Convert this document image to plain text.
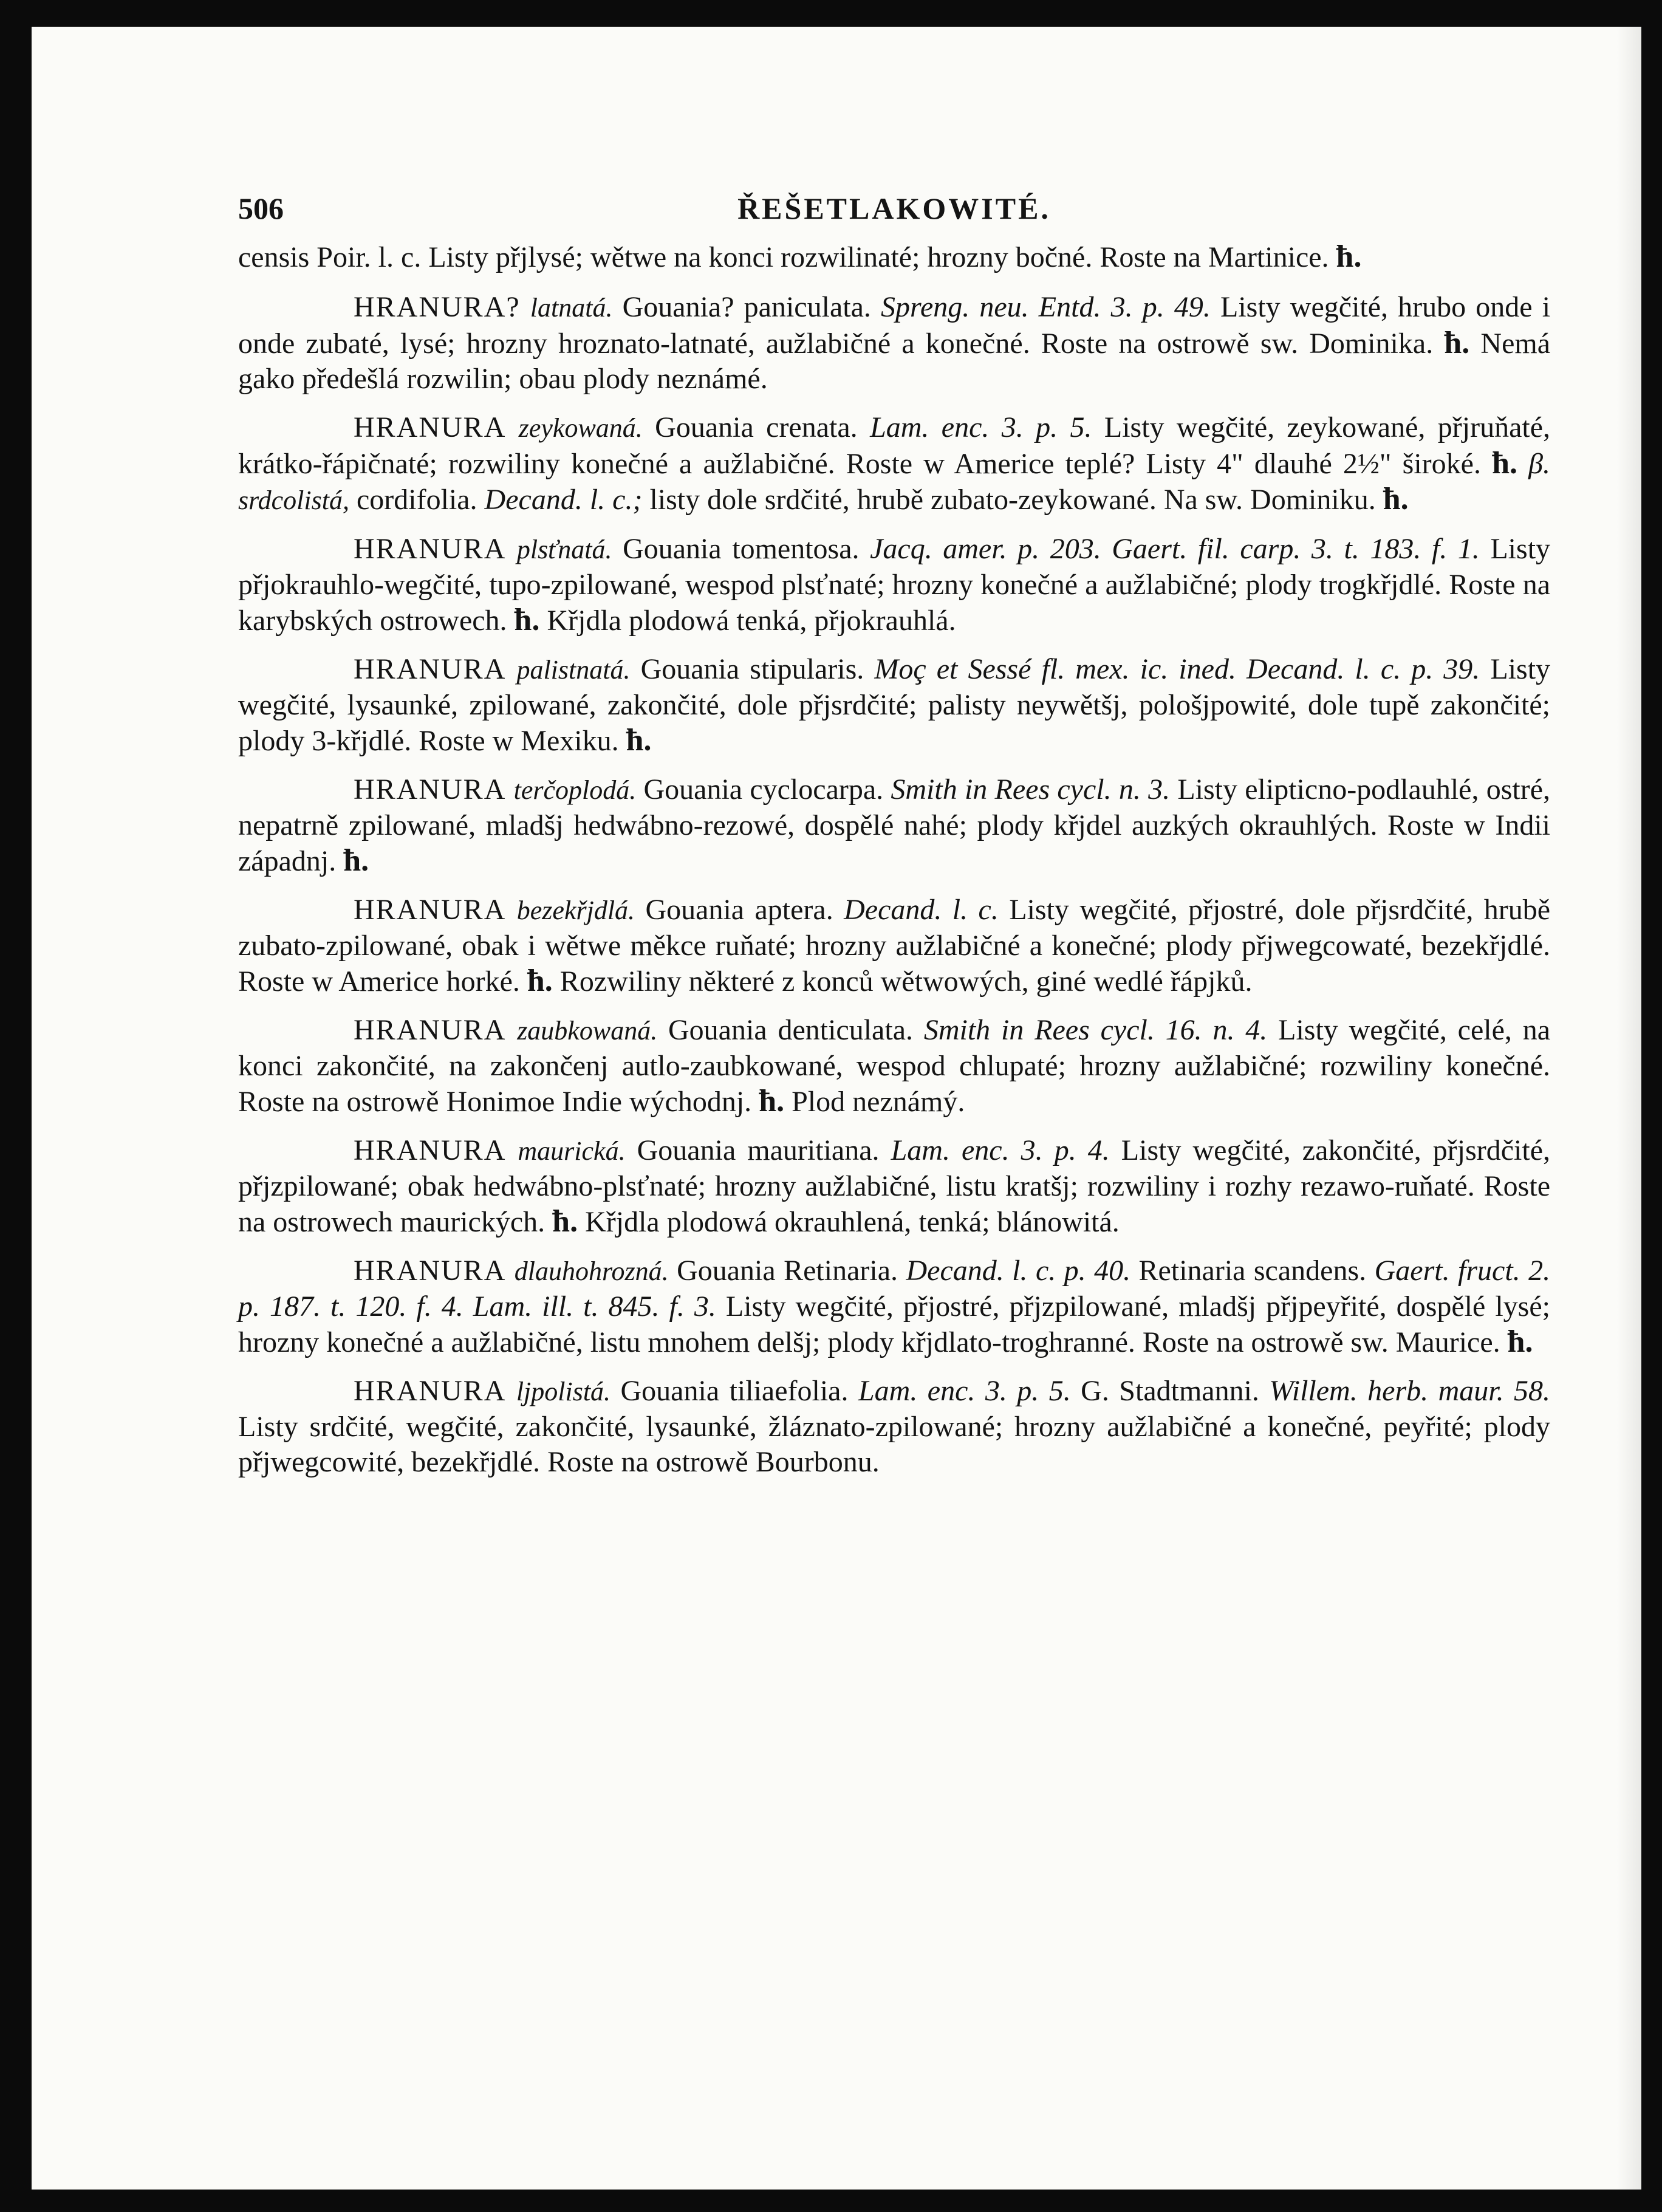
506	ŘEŠETLAKOWITÉ.

censis Poir. l. c. Listy přjlysé; wětwe na konci rozwilinaté; hrozny bočné. Roste na Martinice. ħ.

HRANURA? latnatá. Gouania? paniculata. Spreng. neu. Entd. 3. p. 49. Listy wegčité, hrubo onde i onde zubaté, lysé; hrozny hroznato-latnaté, aužlabičné a konečné. Roste na ostrowě sw. Dominika. ħ. Nemá gako předešlá rozwilin; obau plody neznámé.

HRANURA zeykowaná. Gouania crenata. Lam. enc. 3. p. 5. Listy wegčité, zeykowané, přjruňaté, krátko-řápičnaté; rozwiliny konečné a aužlabičné. Roste w Americe teplé? Listy 4" dlauhé 2½" široké. ħ. β. srdcolistá, cordifolia. Decand. l. c.; listy dole srdčité, hrubě zubato-zeykowané. Na sw. Dominiku. ħ.

HRANURA plsťnatá. Gouania tomentosa. Jacq. amer. p. 203. Gaert. fil. carp. 3. t. 183. f. 1. Listy přjokrauhlo-wegčité, tupo-zpilowané, wespod plsťnaté; hrozny konečné a aužlabičné; plody trogkřjdlé. Roste na karybských ostrowech. ħ. Křjdla plodowá tenká, přjokrauhlá.

HRANURA palistnatá. Gouania stipularis. Moç et Sessé fl. mex. ic. ined. Decand. l. c. p. 39. Listy wegčité, lysaunké, zpilowané, zakončité, dole přjsrdčité; palisty neywětšj, pološjpowité, dole tupě zakončité; plody 3-křjdlé. Roste w Mexiku. ħ.

HRANURA terčoplodá. Gouania cyclocarpa. Smith in Rees cycl. n. 3. Listy elipticno-podlauhlé, ostré, nepatrně zpilowané, mladšj hedwábno-rezowé, dospělé nahé; plody křjdel auzkých okrauhlých. Roste w Indii západnj. ħ.

HRANURA bezekřjdlá. Gouania aptera. Decand. l. c. Listy wegčité, přjostré, dole přjsrdčité, hrubě zubato-zpilowané, obak i wětwe měkce ruňaté; hrozny aužlabičné a konečné; plody přjwegcowaté, bezekřjdlé. Roste w Americe horké. ħ. Rozwiliny některé z konců wětwowých, giné wedlé řápjků.

HRANURA zaubkowaná. Gouania denticulata. Smith in Rees cycl. 16. n. 4. Listy wegčité, celé, na konci zakončité, na zakončenj autlo-zaubkowané, wespod chlupaté; hrozny aužlabičné; rozwiliny konečné. Roste na ostrowě Honimoe Indie wýchodnj. ħ. Plod neznámý.

HRANURA maurická. Gouania mauritiana. Lam. enc. 3. p. 4. Listy wegčité, zakončité, přjsrdčité, přjzpilowané; obak hedwábno-plsťnaté; hrozny aužlabičné, listu kratšj; rozwiliny i rozhy rezawo-ruňaté. Roste na ostrowech maurických. ħ. Křjdla plodowá okrauhlená, tenká; blánowitá.

HRANURA dlauhohrozná. Gouania Retinaria. Decand. l. c. p. 40. Retinaria scandens. Gaert. fruct. 2. p. 187. t. 120. f. 4. Lam. ill. t. 845. f. 3. Listy wegčité, přjostré, přjzpilowané, mladšj přjpeyřité, dospělé lysé; hrozny konečné a aužlabičné, listu mnohem delšj; plody křjdlato-troghranné. Roste na ostrowě sw. Maurice. ħ.

HRANURA ljpolistá. Gouania tiliaefolia. Lam. enc. 3. p. 5. G. Stadtmanni. Willem. herb. maur. 58. Listy srdčité, wegčité, zakončité, lysaunké, žláznato-zpilowané; hrozny aužlabičné a konečné, peyřité; plody přjwegcowité, bezekřjdlé. Roste na ostrowě Bourbonu.
